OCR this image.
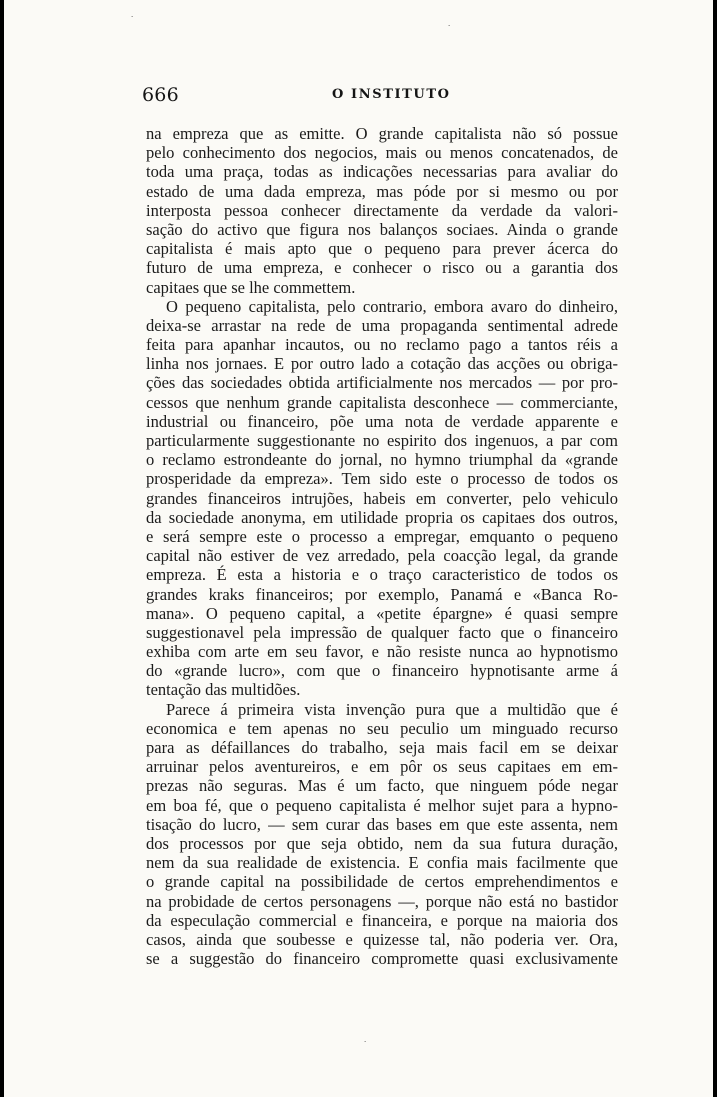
·
·
·
666	O INSTITUTO
na empreza que as emitte. O grande capitalista não só possue
pelo conhecimento dos negocios, mais ou menos concatenados, de
toda uma praça, todas as indicações necessarias para avaliar do
estado de uma dada empreza, mas póde por si mesmo ou por
interposta pessoa conhecer directamente da verdade da valori-
sação do activo que figura nos balanços sociaes. Ainda o grande
capitalista é mais apto que o pequeno para prever ácerca do
futuro de uma empreza, e conhecer o risco ou a garantia dos
capitaes que se lhe commettem.
O pequeno capitalista, pelo contrario, embora avaro do dinheiro,
deixa-se arrastar na rede de uma propaganda sentimental adrede
feita para apanhar incautos, ou no reclamo pago a tantos réis a
linha nos jornaes. E por outro lado a cotação das acções ou obriga-
ções das sociedades obtida artificialmente nos mercados — por pro-
cessos que nenhum grande capitalista desconhece — commerciante,
industrial ou financeiro, põe uma nota de verdade apparente e
particularmente suggestionante no espirito dos ingenuos, a par com
o reclamo estrondeante do jornal, no hymno triumphal da «grande
prosperidade da empreza». Tem sido este o processo de todos os
grandes financeiros intrujões, habeis em converter, pelo vehiculo
da sociedade anonyma, em utilidade propria os capitaes dos outros,
e será sempre este o processo a empregar, emquanto o pequeno
capital não estiver de vez arredado, pela coacção legal, da grande
empreza. É esta a historia e o traço caracteristico de todos os
grandes kraks financeiros; por exemplo, Panamá e «Banca Ro-
mana». O pequeno capital, a «petite épargne» é quasi sempre
suggestionavel pela impressão de qualquer facto que o financeiro
exhiba com arte em seu favor, e não resiste nunca ao hypnotismo
do «grande lucro», com que o financeiro hypnotisante arme á
tentação das multidões.
Parece á primeira vista invenção pura que a multidão que é
economica e tem apenas no seu peculio um minguado recurso
para as défaillances do trabalho, seja mais facil em se deixar
arruinar pelos aventureiros, e em pôr os seus capitaes em em-
prezas não seguras. Mas é um facto, que ninguem póde negar
em boa fé, que o pequeno capitalista é melhor sujet para a hypno-
tisação do lucro, — sem curar das bases em que este assenta, nem
dos processos por que seja obtido, nem da sua futura duração,
nem da sua realidade de existencia. E confia mais facilmente que
o grande capital na possibilidade de certos emprehendimentos e
na probidade de certos personagens —, porque não está no bastidor
da especulação commercial e financeira, e porque na maioria dos
casos, ainda que soubesse e quizesse tal, não poderia ver. Ora,
se a suggestão do financeiro compromette quasi exclusivamente
